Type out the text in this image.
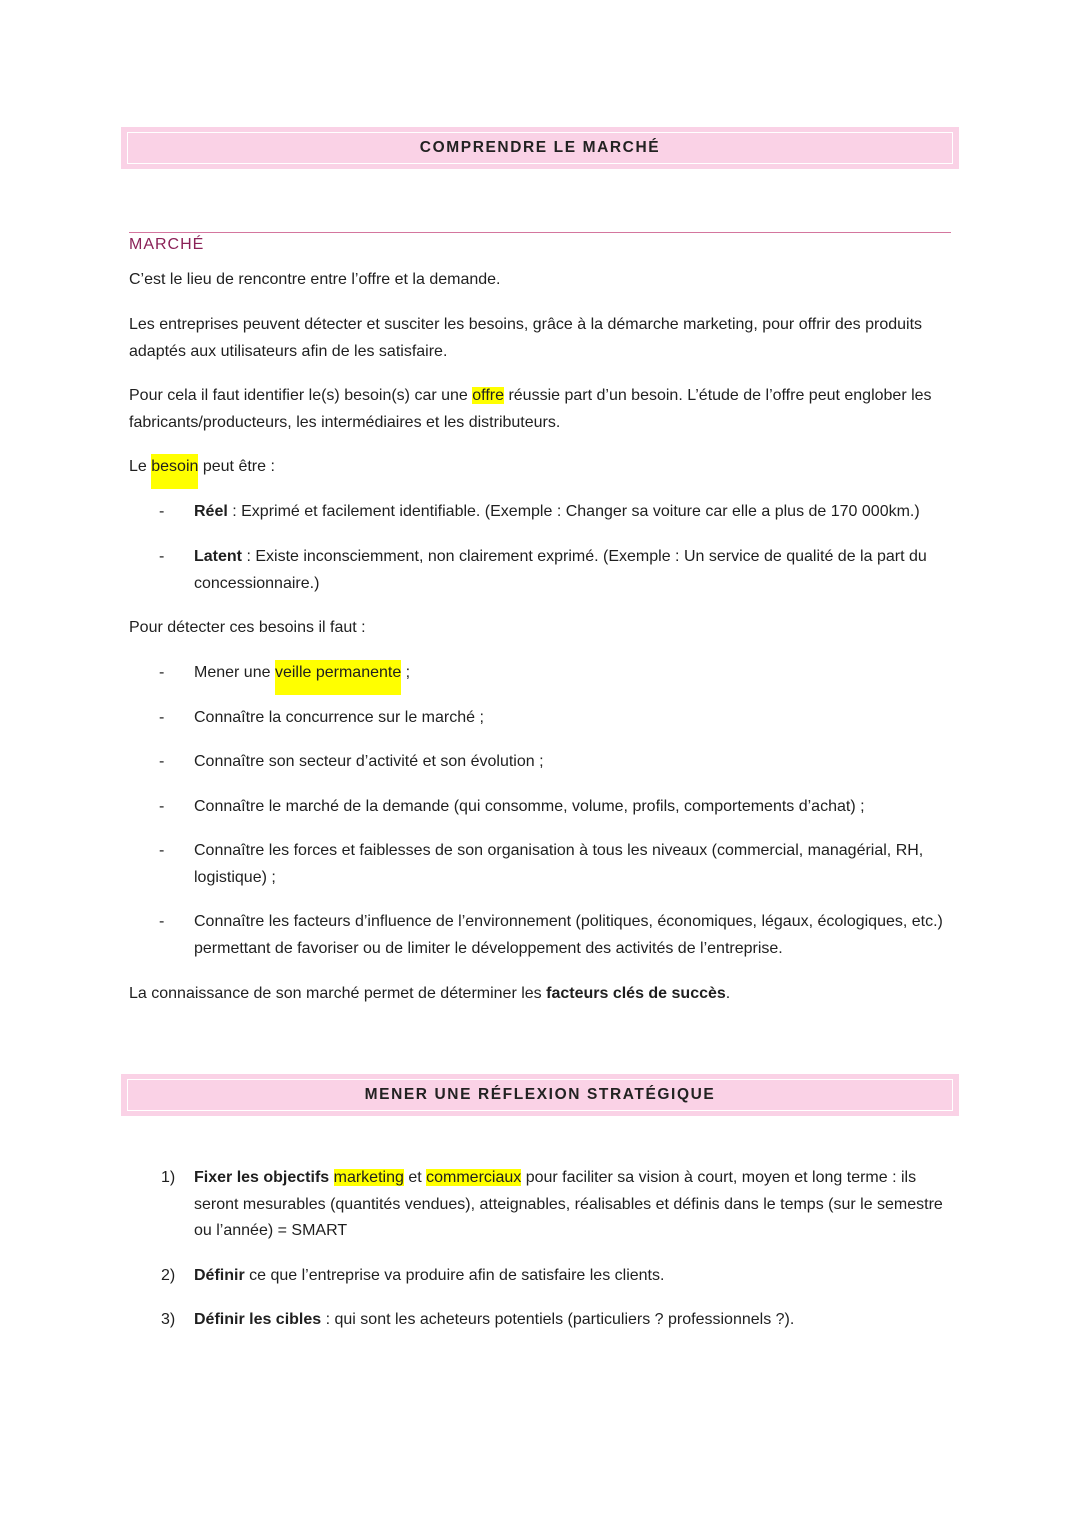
COMPRENDRE LE MARCHÉ
MARCHÉ

C’est le lieu de rencontre entre l’offre et la demande.

Les entreprises peuvent détecter et susciter les besoins, grâce à la démarche marketing, pour offrir des produits adaptés aux utilisateurs afin de les satisfaire.

Pour cela il faut identifier le(s) besoin(s) car une offre réussie part d’un besoin. L’étude de l’offre peut englober les fabricants/producteurs, les intermédiaires et les distributeurs.

Le besoin peut être :

-	Réel : Exprimé et facilement identifiable. (Exemple : Changer sa voiture car elle a plus de 170 000km.)
-	Latent : Existe inconsciemment, non clairement exprimé. (Exemple : Un service de qualité de la part du concessionnaire.)

Pour détecter ces besoins il faut :

-	Mener une veille permanente ;
-	Connaître la concurrence sur le marché ;
-	Connaître son secteur d’activité et son évolution ;
-	Connaître le marché de la demande (qui consomme, volume, profils, comportements d’achat) ;
-	Connaître les forces et faiblesses de son organisation à tous les niveaux (commercial, managérial, RH, logistique) ;
-	Connaître les facteurs d’influence de l’environnement (politiques, économiques, légaux, écologiques, etc.) permettant de favoriser ou de limiter le développement des activités de l’entreprise.

La connaissance de son marché permet de déterminer les facteurs clés de succès.

MENER UNE RÉFLEXION STRATÉGIQUE
1)	Fixer les objectifs marketing et commerciaux pour faciliter sa vision à court, moyen et long terme : ils seront mesurables (quantités vendues), atteignables, réalisables et définis dans le temps (sur le semestre ou l’année) = SMART
2)	Définir ce que l’entreprise va produire afin de satisfaire les clients.
3)	Définir les cibles : qui sont les acheteurs potentiels (particuliers ? professionnels ?).
